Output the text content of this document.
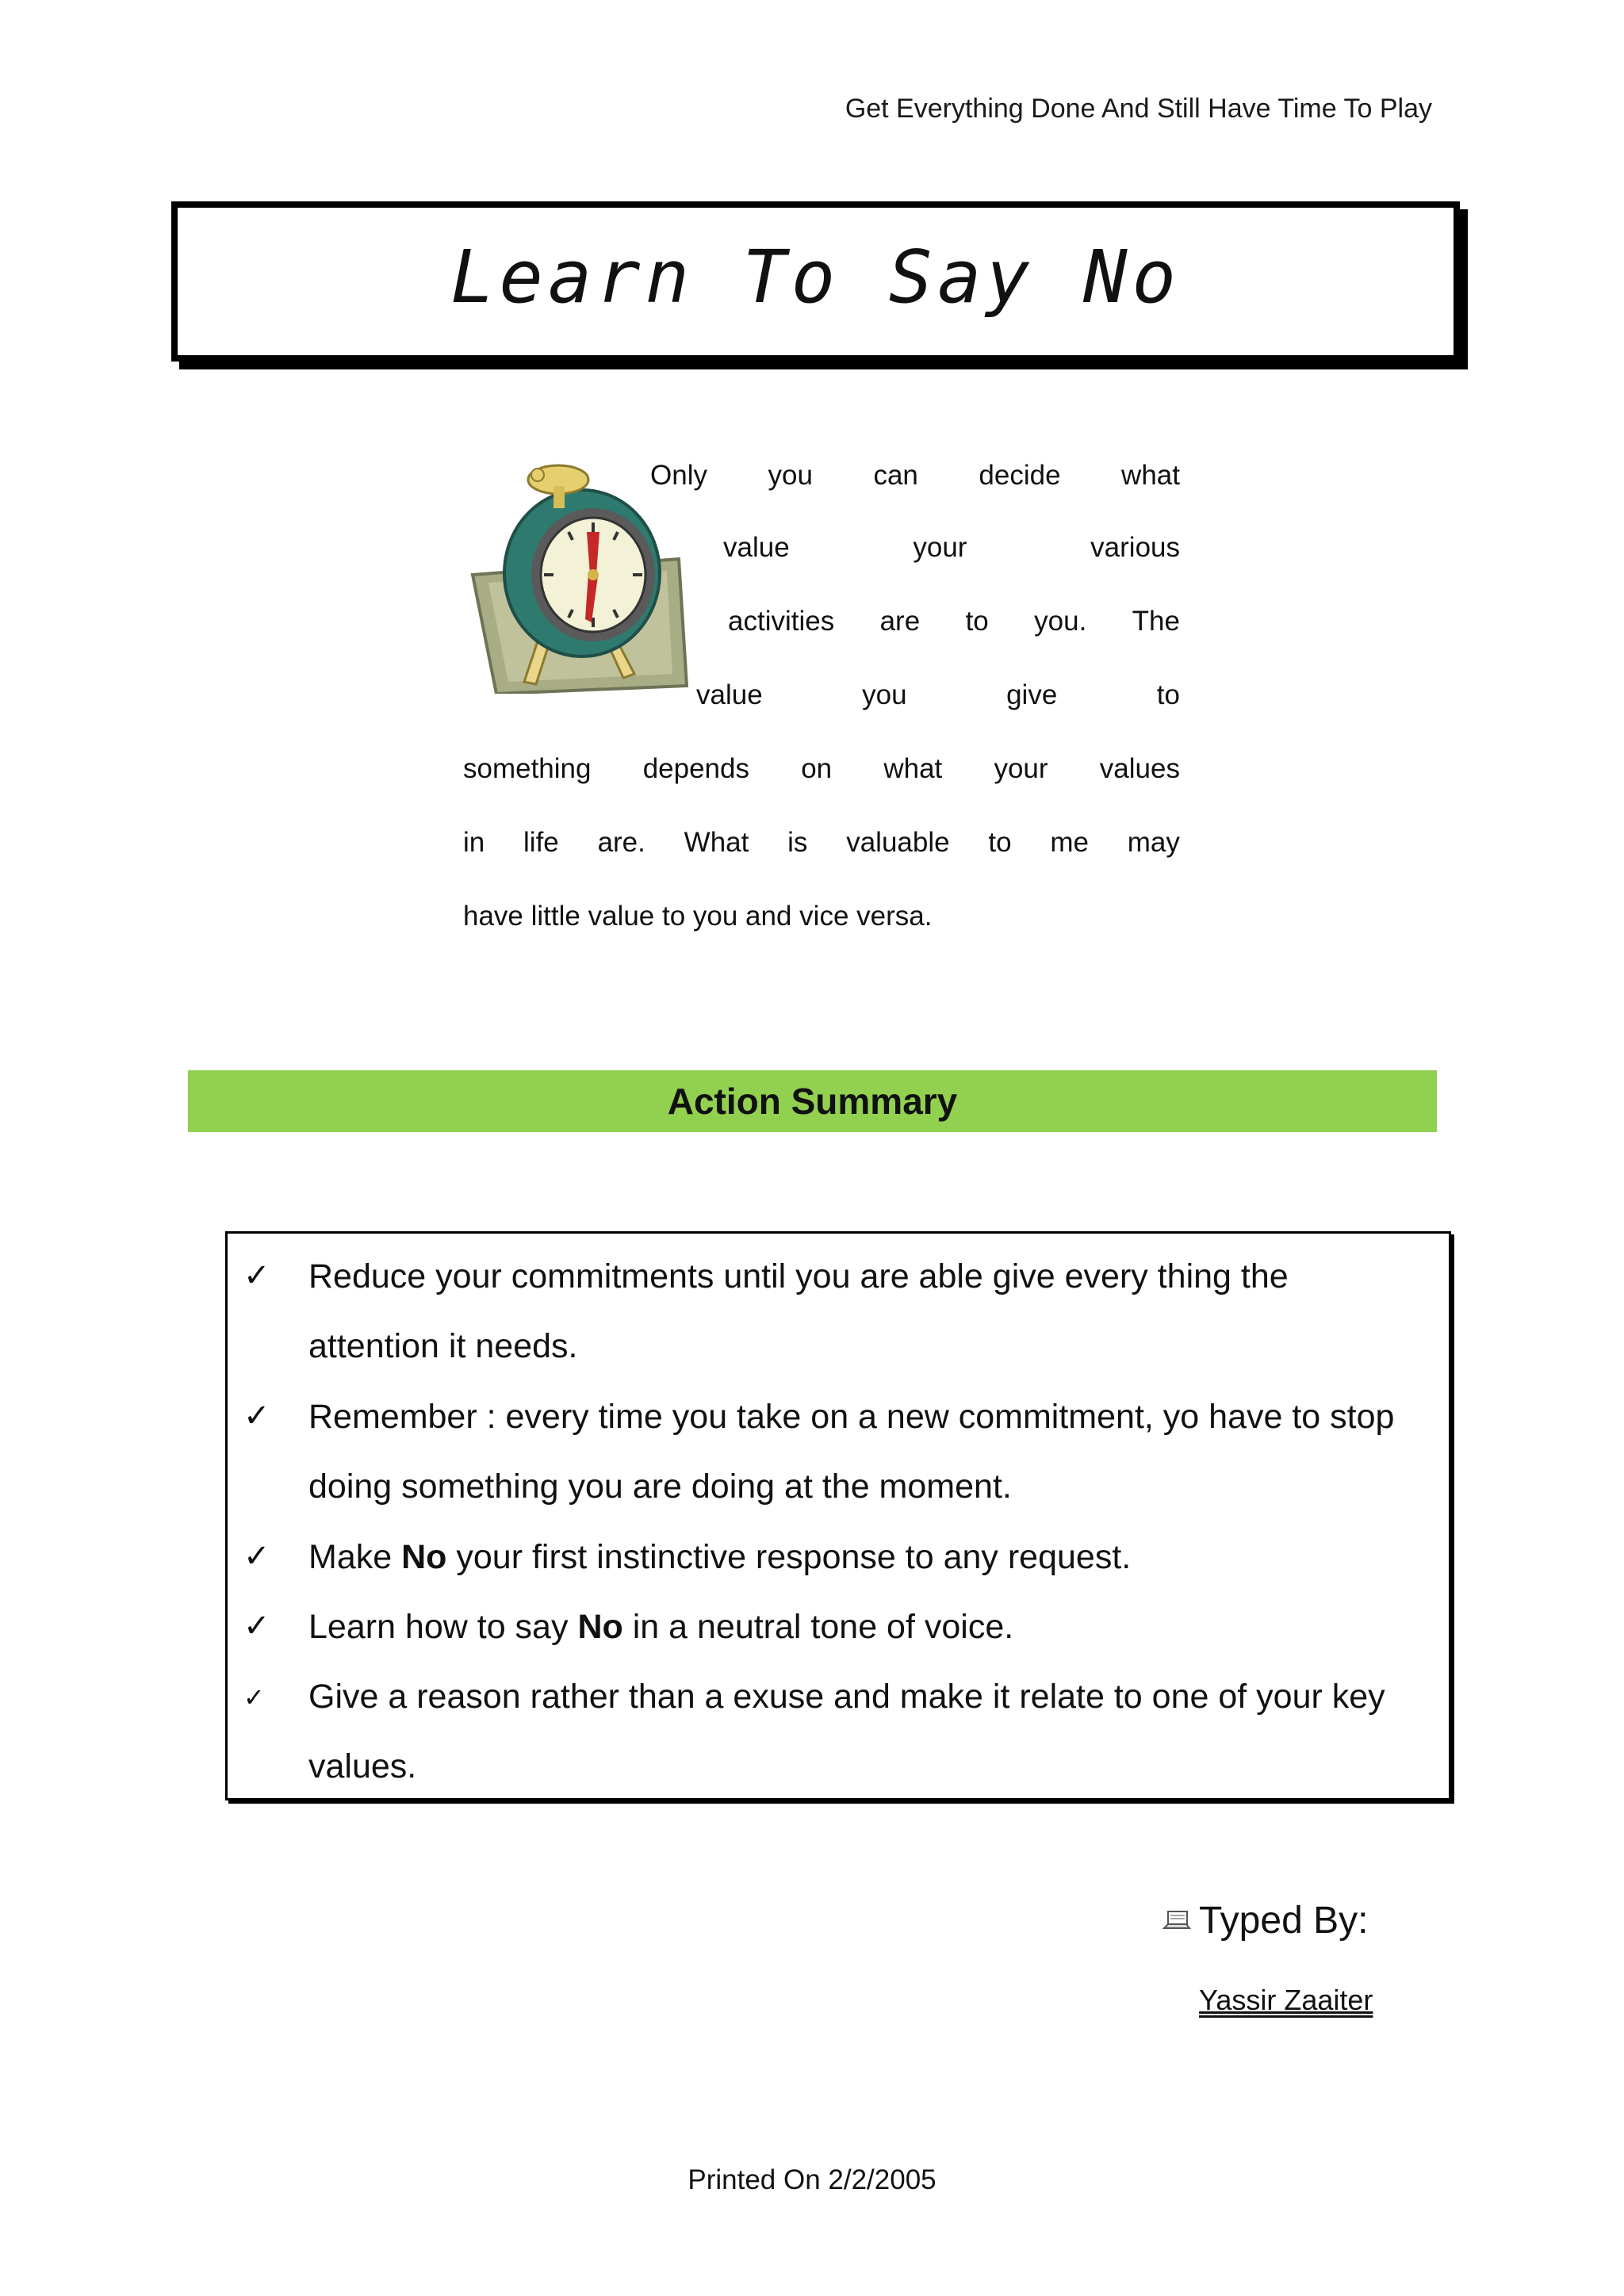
Get Everything Done And Still Have Time To Play
Learn To Say No
Only you can decide what
value	your	various
activities are to you. The
value	you	give	to
something depends on what your values
in life are. What is valuable to me may
have little value to you and vice versa.
Action Summary
✓ Reduce your commitments until you are able give every thing the
attention it needs.
✓ Remember : every time you take on a new commitment, yo have to stop
doing something you are doing at the moment.
✓ Make No your first instinctive response to any request.
✓ Learn how to say No in a neutral tone of voice.
✓ Give a reason rather than a exuse and make it relate to one of your key
values.
Typed By:
Yassir Zaaiter
Printed On 2/2/2005
